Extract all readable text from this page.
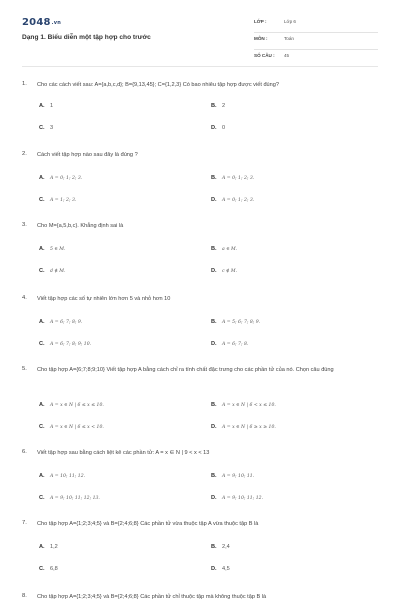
2048.vn
Dạng 1. Biểu diễn một tập hợp cho trước
LỚP :	Lớp 6
MÔN :	Toán
SỐ CÂU : 45
1. Cho các cách viết sau: A={a,b,c,d}; B={9,13,45}; C={1,2,3} Có bao nhiêu tập hợp được viết đúng?
A. 1	B. 2
C. 3	D. 0
2. Cách viết tập hợp nào sau đây là đúng ?
A. A = 0; 1; 2; 3.	B. A = 0; 1; 2; 3.
C. A = 1; 2; 3.	D. A = 0; 1; 2; 3.
3. Cho M={a,5,b,c}. Khẳng định sai là
A. 5 ∈ M.	B. a ∈ M.
C. d ∉ M.	D. c ∉ M.
4. Viết tập hợp các số tự nhiên lớn hơn 5 và nhỏ hơn 10
A. A = 6; 7; 8; 9.	B. A = 5; 6; 7; 8; 9.
C. A = 6; 7; 8; 9; 10.	D. A = 6; 7; 8.
5. Cho tập hợp A={6;7;8;9;10} Viết tập hợp A bằng cách chỉ ra tính chất đặc trưng cho các phần tử của nó. Chọn câu đúng
A. A = x ∈ N | 6 ≤ x ≤ 10.	B. A = x ∈ N | 6 < x ≤ 10.
C. A = x ∈ N | 6 ≤ x < 10.	D. A = x ∈ N | 6 ≥ x ≥ 10.
6. Viết tập hợp sau bằng cách liệt kê các phần tử: A = x ∈ N | 9 < x < 13
A. A = 10; 11; 12.	B. A = 9; 10; 11.
C. A = 9; 10; 11; 12; 13.	D. A = 9; 10; 11; 12.
7. Cho tập hợp A={1;2;3;4;5} và B={2;4;6;8} Các phần tử vừa thuộc tập A vừa thuộc tập B là
A. 1,2	B. 2,4
C. 6,8	D. 4,5
8. Cho tập hợp A={1;2;3;4;5} và B={2;4;6;8} Các phần tử chỉ thuộc tập mà không thuộc tập B là
